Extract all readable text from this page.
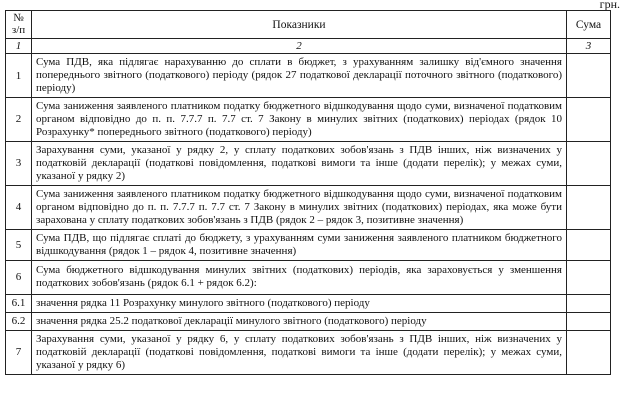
грн.
№ з/п	Показники	Сума
1	2	3
1	Сума ПДВ, яка підлягає нарахуванню до сплати в бюджет, з урахуванням залишку від'ємного значення попереднього звітного (податкового) періоду (рядок 27 податкової декларації поточного звітного (податкового) періоду)	
2	Сума заниження заявленого платником податку бюджетного відшкодування щодо суми, визначеної податковим органом відповідно до п. п. 7.7.7 п. 7.7 ст. 7 Закону в минулих звітних (податкових) періодах (рядок 10 Розрахунку* попереднього звітного (податкового) періоду)	
3	Зарахування суми, указаної у рядку 2, у сплату податкових зобов'язань з ПДВ інших, ніж визначених у податковій декларації (податкові повідомлення, податкові вимоги та інше (додати перелік); у межах суми, указаної у рядку 2)	
4	Сума заниження заявленого платником податку бюджетного відшкодування щодо суми, визначеної податковим органом відповідно до п. п. 7.7.7 п. 7.7 ст. 7 Закону в минулих звітних (податкових) періодах, яка може бути зарахована у сплату податкових зобов'язань з ПДВ (рядок 2 – рядок 3, позитивне значення)	
5	Сума ПДВ, що підлягає сплаті до бюджету, з урахуванням суми заниження заявленого платником бюджетного відшкодування (рядок 1 – рядок 4, позитивне значення)	
6	Сума бюджетного відшкодування минулих звітних (податкових) періодів, яка зараховується у зменшення податкових зобов'язань (рядок 6.1 + рядок 6.2):	
6.1	значення рядка 11 Розрахунку минулого звітного (податкового) періоду	
6.2	значення рядка 25.2 податкової декларації минулого звітного (податкового) періоду	
7	Зарахування суми, указаної у рядку 6, у сплату податкових зобов'язань з ПДВ інших, ніж визначених у податковій декларації (податкові повідомлення, податкові вимоги та інше (додати перелік); у межах суми, указаної у рядку 6)	
